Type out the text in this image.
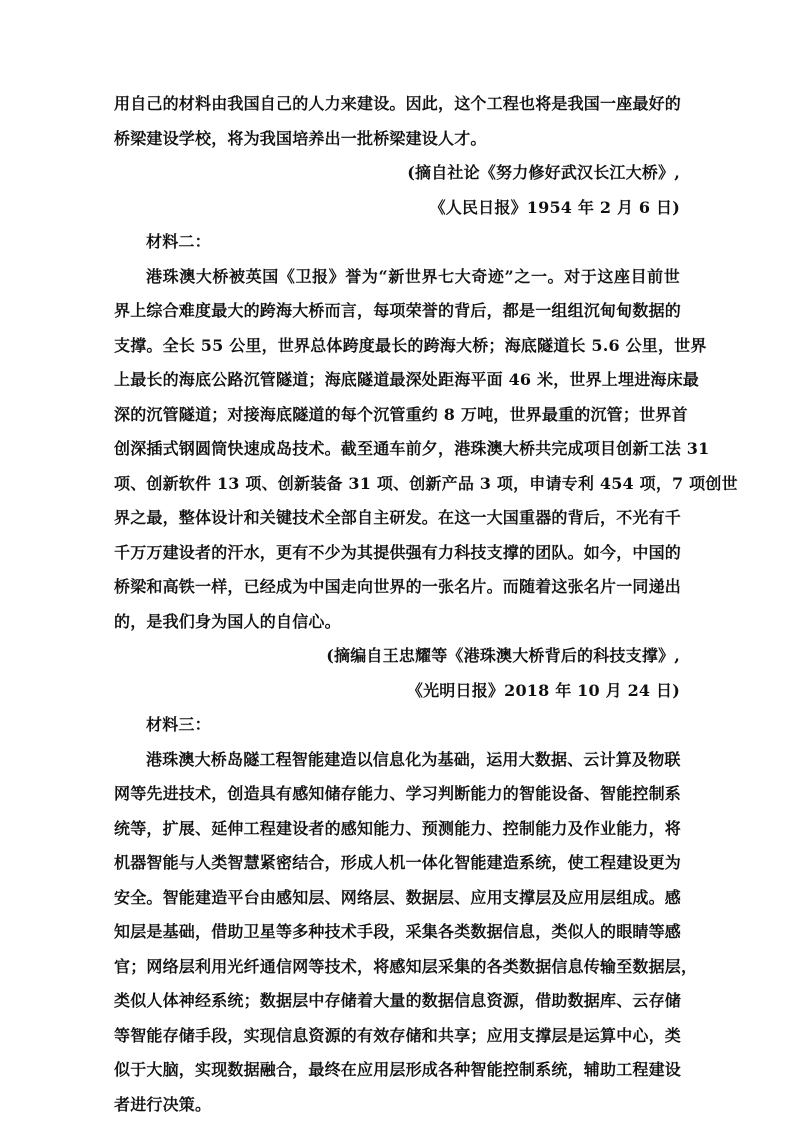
用自己的材料由我国自己的人力来建设。因此，这个工程也将是我国一座最好的
桥梁建设学校，将为我国培养出一批桥梁建设人才。
(摘自社论《努力修好武汉长江大桥》,
《人民日报》1954 年 2 月 6 日)
材料二：
港珠澳大桥被英国《卫报》誉为“新世界七大奇迹”之一。对于这座目前世
界上综合难度最大的跨海大桥而言，每项荣誉的背后，都是一组组沉甸甸数据的
支撑。全长 55 公里，世界总体跨度最长的跨海大桥；海底隧道长 5.6 公里，世界
上最长的海底公路沉管隧道；海底隧道最深处距海平面 46 米，世界上埋进海床最
深的沉管隧道；对接海底隧道的每个沉管重约 8 万吨，世界最重的沉管；世界首
创深插式钢圆筒快速成岛技术。截至通车前夕，港珠澳大桥共完成项目创新工法 31
项、创新软件 13 项、创新装备 31 项、创新产品 3 项，申请专利 454 项，7 项创世
界之最，整体设计和关键技术全部自主研发。在这一大国重器的背后，不光有千
千万万建设者的汗水，更有不少为其提供强有力科技支撑的团队。如今，中国的
桥梁和高铁一样，已经成为中国走向世界的一张名片。而随着这张名片一同递出
的，是我们身为国人的自信心。
(摘编自王忠耀等《港珠澳大桥背后的科技支撑》,
《光明日报》2018 年 10 月 24 日)
材料三：
港珠澳大桥岛隧工程智能建造以信息化为基础，运用大数据、云计算及物联
网等先进技术，创造具有感知储存能力、学习判断能力的智能设备、智能控制系
统等，扩展、延伸工程建设者的感知能力、预测能力、控制能力及作业能力，将
机器智能与人类智慧紧密结合，形成人机一体化智能建造系统，使工程建设更为
安全。智能建造平台由感知层、网络层、数据层、应用支撑层及应用层组成。感
知层是基础，借助卫星等多种技术手段，采集各类数据信息，类似人的眼睛等感
官；网络层利用光纤通信网等技术，将感知层采集的各类数据信息传输至数据层，
类似人体神经系统；数据层中存储着大量的数据信息资源，借助数据库、云存储
等智能存储手段，实现信息资源的有效存储和共享；应用支撑层是运算中心，类
似于大脑，实现数据融合，最终在应用层形成各种智能控制系统，辅助工程建设
者进行决策。
